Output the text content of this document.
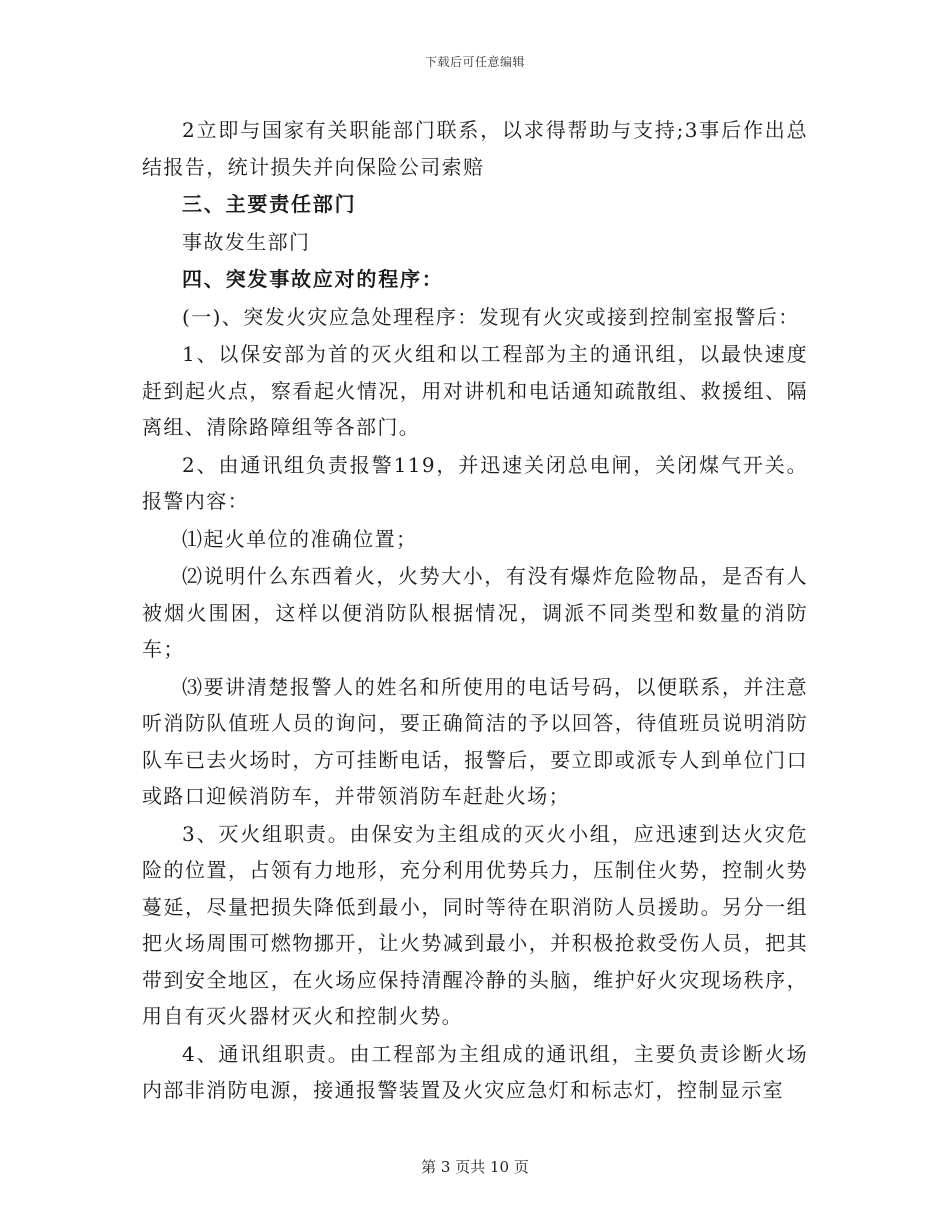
下载后可任意编辑

2立即与国家有关职能部门联系，以求得帮助与支持;3事后作出总结报告，统计损失并向保险公司索赔

三、主要责任部门

事故发生部门

四、突发事故应对的程序：

(一)、突发火灾应急处理程序：发现有火灾或接到控制室报警后：

1、以保安部为首的灭火组和以工程部为主的通讯组，以最快速度赶到起火点，察看起火情况，用对讲机和电话通知疏散组、救援组、隔离组、清除路障组等各部门。

2、由通讯组负责报警119，并迅速关闭总电闸，关闭煤气开关。报警内容：

⑴起火单位的准确位置；

⑵说明什么东西着火，火势大小，有没有爆炸危险物品，是否有人被烟火围困，这样以便消防队根据情况，调派不同类型和数量的消防车；

⑶要讲清楚报警人的姓名和所使用的电话号码，以便联系，并注意听消防队值班人员的询问，要正确简洁的予以回答，待值班员说明消防队车已去火场时，方可挂断电话，报警后，要立即或派专人到单位门口或路口迎候消防车，并带领消防车赶赴火场；

3、灭火组职责。由保安为主组成的灭火小组，应迅速到达火灾危险的位置，占领有力地形，充分利用优势兵力，压制住火势，控制火势蔓延，尽量把损失降低到最小，同时等待在职消防人员援助。另分一组把火场周围可燃物挪开，让火势减到最小，并积极抢救受伤人员，把其带到安全地区，在火场应保持清醒冷静的头脑，维护好火灾现场秩序，用自有灭火器材灭火和控制火势。

4、通讯组职责。由工程部为主组成的通讯组，主要负责诊断火场内部非消防电源，接通报警装置及火灾应急灯和标志灯，控制显示室

第 3 页共 10 页
